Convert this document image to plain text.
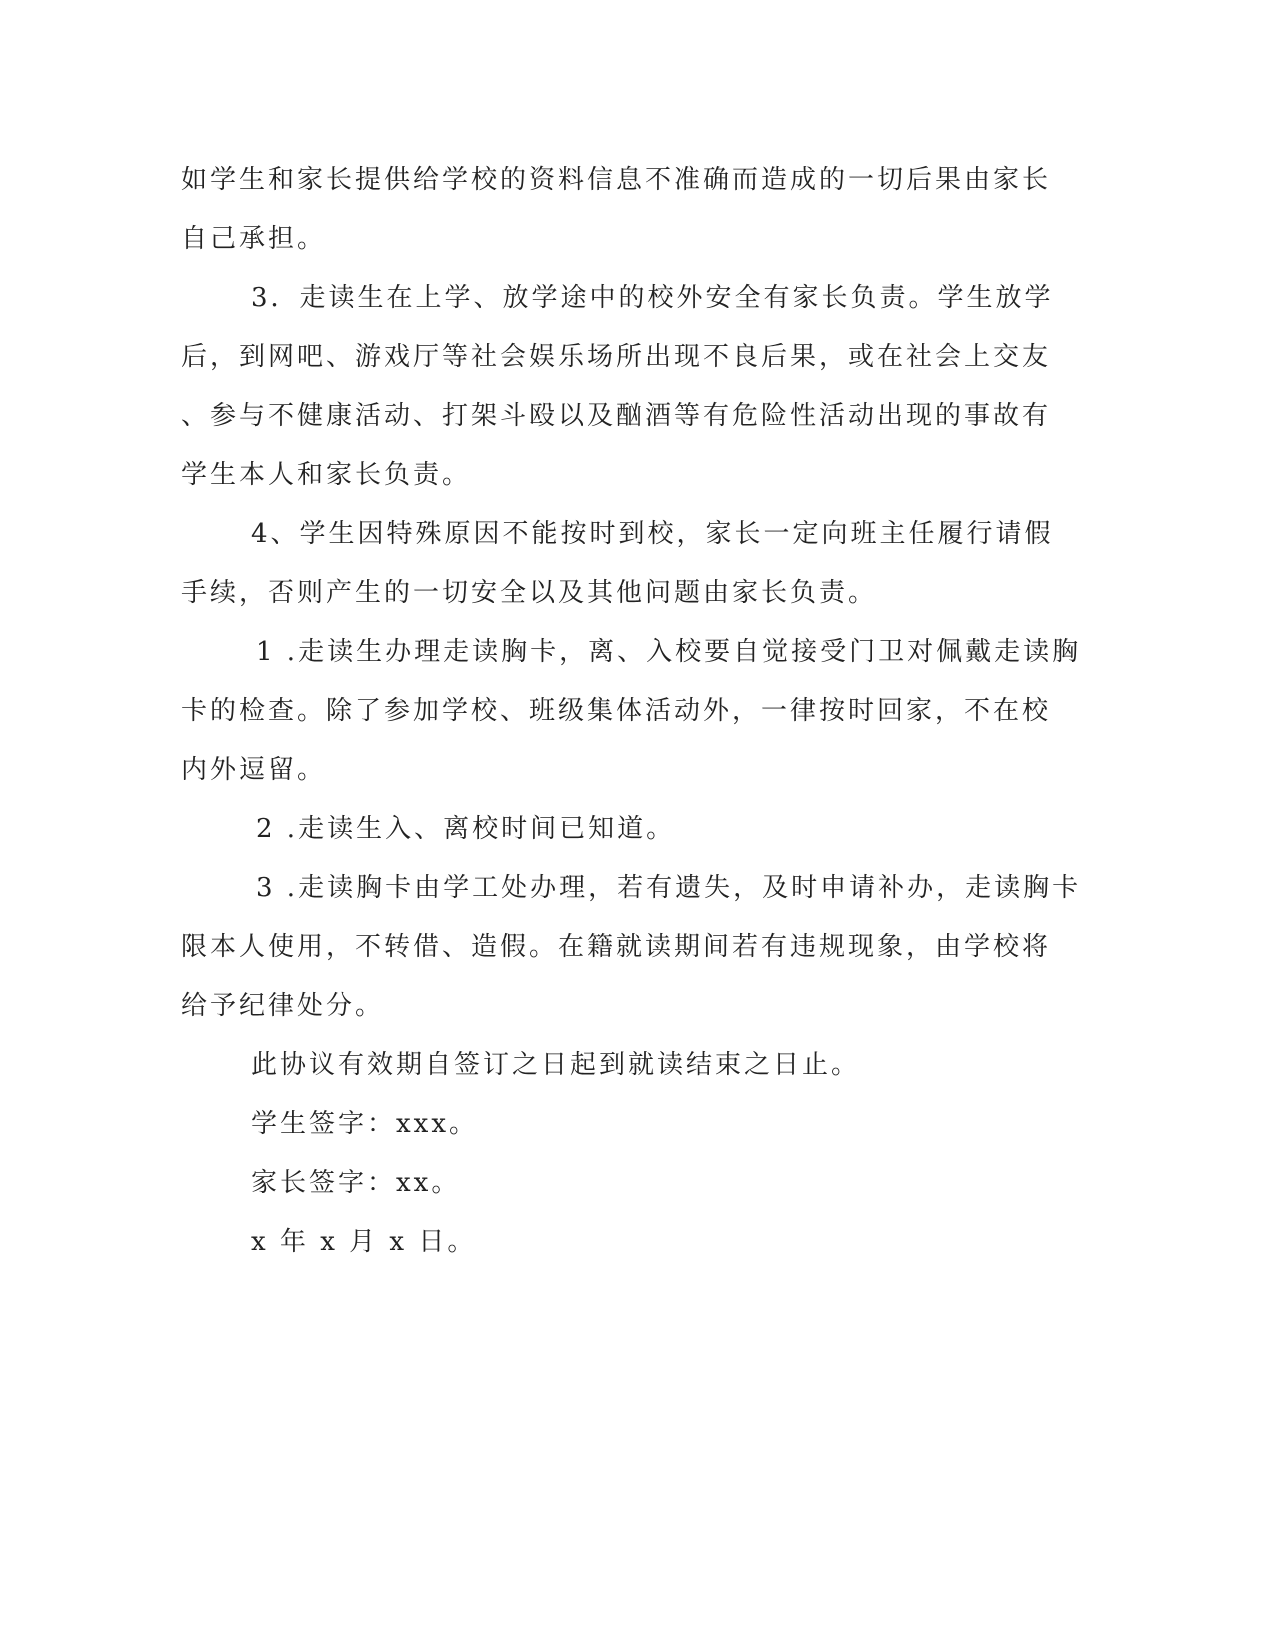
如学生和家长提供给学校的资料信息不准确而造成的一切后果由家长
自己承担。
3．走读生在上学、放学途中的校外安全有家长负责。学生放学
后，到网吧、游戏厅等社会娱乐场所出现不良后果，或在社会上交友
、参与不健康活动、打架斗殴以及酗酒等有危险性活动出现的事故有
学生本人和家长负责。
4、学生因特殊原因不能按时到校，家长一定向班主任履行请假
手续，否则产生的一切安全以及其他问题由家长负责。
1 .走读生办理走读胸卡，离、入校要自觉接受门卫对佩戴走读胸
卡的检查。除了参加学校、班级集体活动外，一律按时回家，不在校
内外逗留。
2 .走读生入、离校时间已知道。
3 .走读胸卡由学工处办理，若有遗失，及时申请补办，走读胸卡
限本人使用，不转借、造假。在籍就读期间若有违规现象，由学校将
给予纪律处分。
此协议有效期自签订之日起到就读结束之日止。
学生签字：xxx。
家长签字：xx。
x 年 x 月 x 日。
